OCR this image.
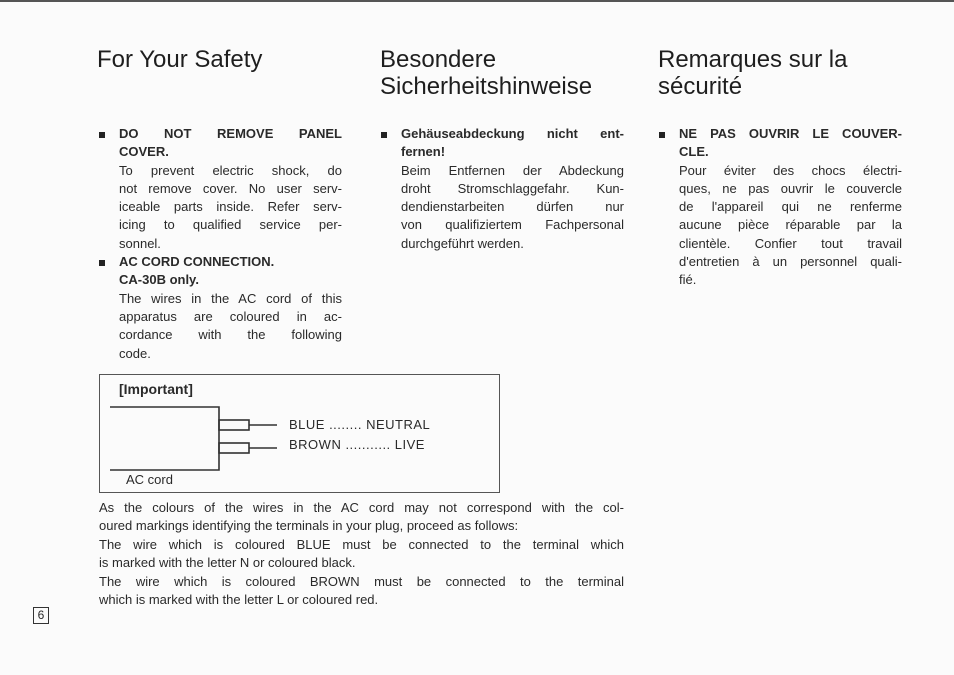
For Your Safety	Besondere
Sicherheitshinweise
Remarques sur la
sécurité
DO NOT REMOVE PANEL
COVER.
To prevent electric shock, do
not remove cover. No user serv-
iceable parts inside. Refer serv-
icing to qualified service per-
sonnel.
AC CORD CONNECTION.
CA-30B only.
The wires in the AC cord of this
apparatus are coloured in ac-
cordance with the following
code.
Gehäuseabdeckung nicht ent-
fernen!
Beim Entfernen der Abdeckung
droht Stromschlaggefahr. Kun-
dendienstarbeiten dürfen nur
von qualifiziertem Fachpersonal
durchgeführt werden.
NE PAS OUVRIR LE COUVER-
CLE.
Pour éviter des chocs électri-
ques, ne pas ouvrir le couvercle
de l'appareil qui ne renferme
aucune pièce réparable par la
clientèle. Confier tout travail
d'entretien à un personnel quali-
fié.
[Important]
BLUE ........ NEUTRAL
BROWN ........... LIVE
AC cord

As the colours of the wires in the AC cord may not correspond with the col-
oured markings identifying the terminals in your plug, proceed as follows:

The wire which is coloured BLUE must be connected to the terminal which
is marked with the letter N or coloured black.

The wire which is coloured BROWN must be connected to the terminal
which is marked with the letter L or coloured red.

6
